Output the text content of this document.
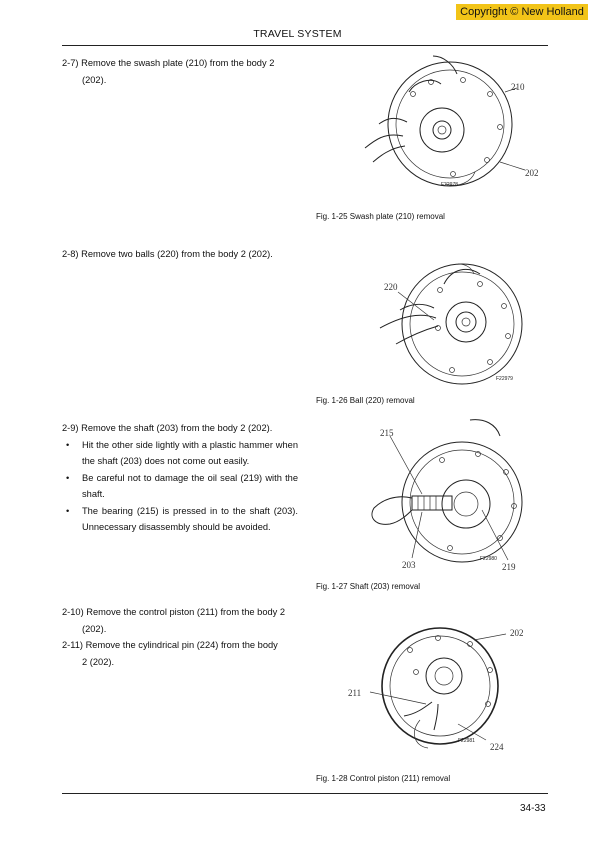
Copyright © New Holland
TRAVEL SYSTEM
2-7) Remove the swash plate (210) from the body 2
(202).
2-8) Remove two balls (220) from the body 2 (202).
2-9) Remove the shaft (203) from the body 2 (202).
• Hit the other side lightly with a plastic hammer when the shaft (203) does not come out easily.
• Be careful not to damage the oil seal (219) with the shaft.
• The bearing (215) is pressed in to the shaft (203). Unnecessary disassembly should be avoided.
2-10) Remove the control piston (211) from the body 2
(202).
2-11) Remove the cylindrical pin (224) from the body
2 (202).
210
202
F22978
Fig. 1-25 Swash plate (210) removal
220
F22979
Fig. 1-26 Ball (220) removal
215
203	219
F22980
Fig. 1-27 Shaft (203) removal
202
211
224
F22981
Fig. 1-28 Control piston (211) removal
34-33
